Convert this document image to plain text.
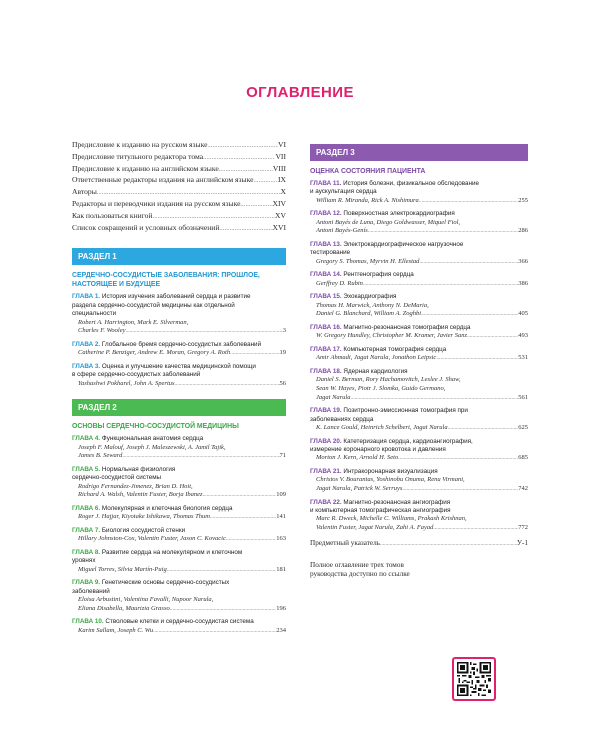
ОГЛАВЛЕНИЕ
Предисловие к изданию на русском языке .....	VI
Предисловие титульного редактора тома .....	VII
Предисловие к изданию на английском языке .....	VIII
Ответственные редакторы издания на английском языке .....	IX
Авторы .....	X
Редакторы и переводчики издания на русском языке .....	XIV
Как пользоваться книгой .....	XV
Список сокращений и условных обозначений .....	XVI
РАЗДЕЛ 1
СЕРДЕЧНО-СОСУДИСТЫЕ ЗАБОЛЕВАНИЯ: ПРОШЛОЕ, НАСТОЯЩЕЕ И БУДУЩЕЕ
ГЛАВА 1. История изучения заболеваний сердца и развитие
раздела сердечно-сосудистой медицины как отдельной
специальности
Robert A. Harrington, Mark E. Silverman,
Charles F. Wooley .....	3
ГЛАВА 2. Глобальное бремя сердечно-сосудистых заболеваний
Catherine P. Benziger, Andrew E. Moran, Gregory A. Roth .....	19
ГЛАВА 3. Оценка и улучшение качества медицинской помощи
в сфере сердечно-сосудистых заболеваний
Yashashwi Pokharel, John A. Spertus .....	56
РАЗДЕЛ 2
ОСНОВЫ СЕРДЕЧНО-СОСУДИСТОЙ МЕДИЦИНЫ
ГЛАВА 4. Функциональная анатомия сердца
Joseph F. Malouf, Joseph J. Maleszewski, A. Jamil Tajik,
James B. Seward .....	71
ГЛАВА 5. Нормальная физиология
сердечно-сосудистой системы
Rodrigo Fernandez-Jimenez, Brian D. Hoit,
Richard A. Walsh, Valentin Fuster, Borja Ibanez .....	109
ГЛАВА 6. Молекулярная и клеточная биология сердца
Roger J. Hajjar, Kiyotake Ishikawa, Thomas Thum .....	141
ГЛАВА 7. Биология сосудистой стенки
Hillary Johnston-Cox, Valentin Fuster, Jason C. Kovacic .....	163
ГЛАВА 8. Развитие сердца на молекулярном и клеточном
уровнях
Miguel Torres, Silvia Martín-Puig .....	181
ГЛАВА 9. Генетические основы сердечно-сосудистых
заболеваний
Eloisa Arbustini, Valentina Favalli, Nupoor Narula,
Eliana Disabella, Maurizia Grasso .....	196
ГЛАВА 10. Стволовые клетки и сердечно-сосудистая система
Karim Sallam, Joseph C. Wu .....	234
РАЗДЕЛ 3
ОЦЕНКА СОСТОЯНИЯ ПАЦИЕНТА
ГЛАВА 11. История болезни, физикальное обследование
и аускультация сердца
William R. Miranda, Rick A. Nishimura .....	255
ГЛАВА 12. Поверхностная электрокардиография
Antoni Bayés de Luna, Diego Goldwasser, Miquel Fiol,
Antoni Bayés-Genís .....	286
ГЛАВА 13. Электрокардиографическое нагрузочное
тестирование
Gregory S. Thomas, Myrvin H. Ellestad .....	366
ГЛАВА 14. Рентгенография сердца
Gerffrey D. Rubin .....	386
ГЛАВА 15. Эхокардиография
Thomas H. Marwick, Anthony N. DeMaria,
Daniel G. Blanchard, William A. Zoghbi .....	405
ГЛАВА 16. Магнитно-резонансная томография сердца
W. Gregory Hundley, Christopher M. Kramer, Javier Sanz .....	493
ГЛАВА 17. Компьютерная томография сердца
Amir Ahmadi, Jagat Narula, Jonathon Leipsic .....	531
ГЛАВА 18. Ядерная кардиология
Daniel S. Berman, Rory Hachamovitch, Leslee J. Shaw,
Sean W. Hayes, Piotr J. Slomka, Guido Germano,
Jagat Narula .....	561
ГЛАВА 19. Позитронно-эмиссионная томография при
заболеваниях сердца
K. Lance Gould, Heinrich Schelbert, Jagat Narula .....	625
ГЛАВА 20. Катетеризация сердца, кардиоангиография,
измерение коронарного кровотока и давления
Morton J. Kern, Arnold H. Seto .....	685
ГЛАВА 21. Интракоронарная визуализация
Christos V. Bourantas, Yoshinobu Onuma, Renu Virmani,
Jagat Narula, Patrick W. Serruys .....	742
ГЛАВА 22. Магнитно-резонансная ангиография
и компьютерная томографическая ангиография
Marc R. Dweck, Michelle C. Williams, Prakash Krishnan,
Valentin Fuster, Jagat Narula, Zahi A. Fayad .....	772
Предметный указатель .....	У-1
Полное оглавление трех томов руководства доступно по ссылке
